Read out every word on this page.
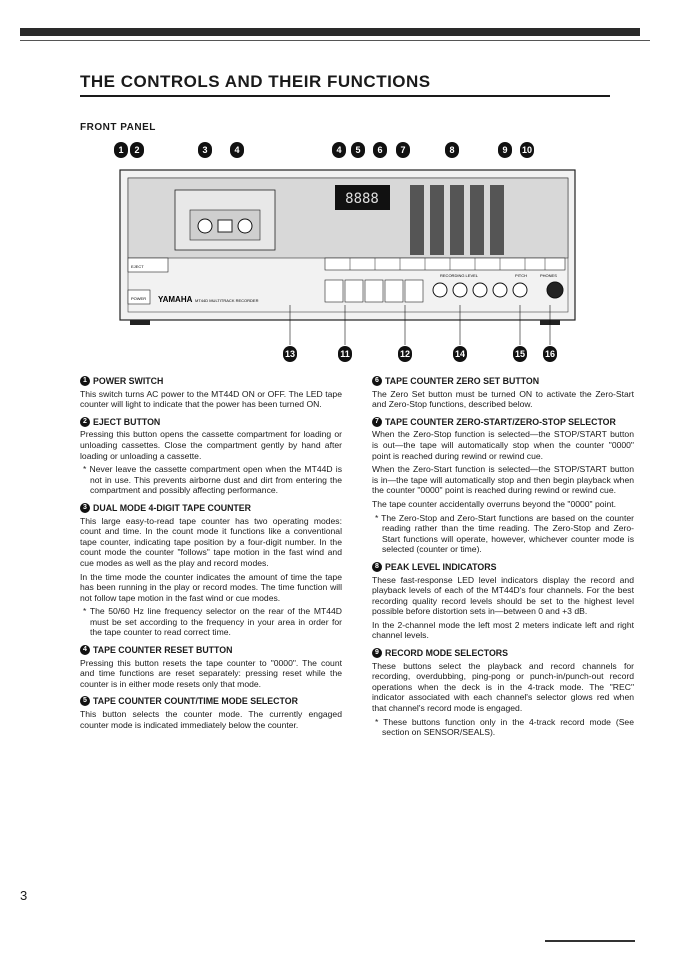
THE CONTROLS AND THEIR FUNCTIONS
FRONT PANEL
8888
YAMAHA MT44D MULTITRACK RECORDER
EJECT
POWER
RECORDING LEVEL	PITCH	PHONES
1	2	3	4	4	5	6	7	8	9	10
13	11	12	14	15 16
1 POWER SWITCH

This switch turns AC power to the MT44D ON or OFF. The LED tape counter will light to indicate that the power has been turned ON.

2 EJECT BUTTON

Pressing this button opens the cassette compartment for loading or unloading cassettes. Close the compartment gently by hand after loading or unloading a cassette.

* Never leave the cassette compartment open when the MT44D is not in use. This prevents airborne dust and dirt from entering the compartment and possibly affecting performance.

3 DUAL MODE 4-DIGIT TAPE COUNTER

This large easy-to-read tape counter has two operating modes: count and time. In the count mode it functions like a conventional tape counter, indicating tape position by a four-digit number. In the count mode the counter "follows" tape motion in the fast wind and cue modes as well as the play and record modes.

In the time mode the counter indicates the amount of time the tape has been running in the play or record modes. The time function will not follow tape motion in the fast wind or cue modes.

* The 50/60 Hz line frequency selector on the rear of the MT44D must be set according to the frequency in your area in order for the tape counter to read correct time.

4 TAPE COUNTER RESET BUTTON

Pressing this button resets the tape counter to "0000". The count and time functions are reset separately: pressing reset while the counter is in either mode resets only that mode.

5 TAPE COUNTER COUNT/TIME MODE SELECTOR

This button selects the counter mode. The currently engaged counter mode is indicated immediately below the counter.

6 TAPE COUNTER ZERO SET BUTTON

The Zero Set button must be turned ON to activate the Zero-Start and Zero-Stop functions, described below.

7 TAPE COUNTER ZERO-START/ZERO-STOP SELECTOR

When the Zero-Stop function is selected—the STOP/START button is out—the tape will automatically stop when the counter "0000" point is reached during rewind or rewind cue.

When the Zero-Start function is selected—the STOP/START button is in—the tape will automatically stop and then begin playback when the counter "0000" point is reached during rewind or rewind cue.

The tape counter accidentally overruns beyond the "0000" point.

* The Zero-Stop and Zero-Start functions are based on the counter reading rather than the time reading. The Zero-Stop and Zero-Start functions will operate, however, whichever counter mode is selected (counter or time).

8 PEAK LEVEL INDICATORS

These fast-response LED level indicators display the record and playback levels of each of the MT44D's four channels. For the best recording quality record levels should be set to the highest level possible before distortion sets in—between 0 and +3 dB.

In the 2-channel mode the left most 2 meters indicate left and right channel levels.

9 RECORD MODE SELECTORS

These buttons select the playback and record channels for recording, overdubbing, ping-pong or punch-in/punch-out record operations when the deck is in the 4-track mode. The "REC" indicator associated with each channel's selector glows red when that channel's record mode is engaged.

* These buttons function only in the 4-track record mode (See section on SENSOR/SEALS).

3
